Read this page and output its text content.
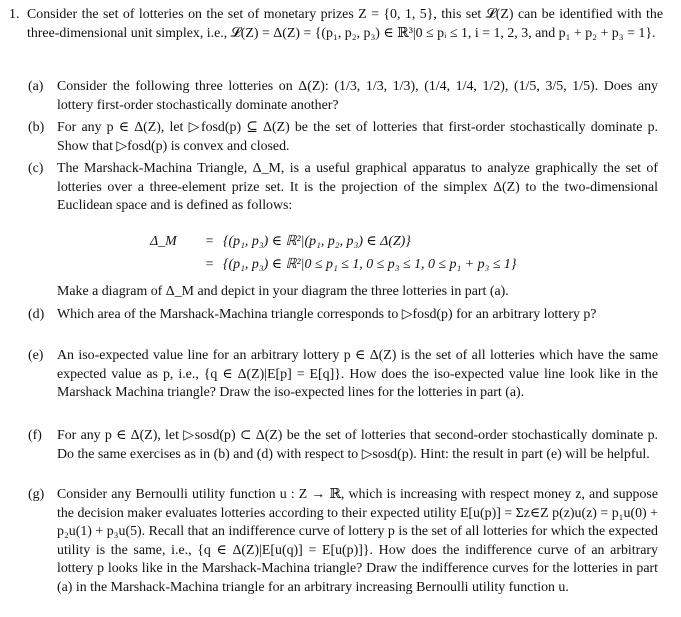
1. Consider the set of lotteries on the set of monetary prizes Z = {0, 1, 5}, this set 𝓛(Z) can be identified with the three-dimensional unit simplex, i.e., 𝓛(Z) = Δ(Z) = {(p₁, p₂, p₃) ∈ ℝ³|0 ≤ pᵢ ≤ 1, i = 1, 2, 3, and p₁ + p₂ + p₃ = 1}.
(a) Consider the following three lotteries on Δ(Z): (1/3, 1/3, 1/3), (1/4, 1/4, 1/2), (1/5, 3/5, 1/5). Does any lottery first-order stochastically dominate another?
(b) For any p ∈ Δ(Z), let ▷fosd(p) ⊆ Δ(Z) be the set of lotteries that first-order stochastically dominate p. Show that ▷fosd(p) is convex and closed.
(c) The Marshack-Machina Triangle, Δ_M, is a useful graphical apparatus to analyze graphically the set of lotteries over a three-element prize set. It is the projection of the simplex Δ(Z) to the two-dimensional Euclidean space and is defined as follows:
Δ_M = {(p₁, p₃) ∈ ℝ²|(p₁, p₂, p₃) ∈ Δ(Z)}
= {(p₁, p₃) ∈ ℝ²|0 ≤ p₁ ≤ 1, 0 ≤ p₃ ≤ 1, 0 ≤ p₁ + p₃ ≤ 1}
Make a diagram of Δ_M and depict in your diagram the three lotteries in part (a).
(d) Which area of the Marshack-Machina triangle corresponds to ▷fosd(p) for an arbitrary lottery p?
(e) An iso-expected value line for an arbitrary lottery p ∈ Δ(Z) is the set of all lotteries which have the same expected value as p, i.e., {q ∈ Δ(Z)|E[p] = E[q]}. How does the iso-expected value line look like in the Marshack Machina triangle? Draw the iso-expected lines for the lotteries in part (a).
(f) For any p ∈ Δ(Z), let ▷sosd(p) ⊂ Δ(Z) be the set of lotteries that second-order stochastically dominate p. Do the same exercises as in (b) and (d) with respect to ▷sosd(p). Hint: the result in part (e) will be helpful.
(g) Consider any Bernoulli utility function u : Z → ℝ, which is increasing with respect money z, and suppose the decision maker evaluates lotteries according to their expected utility E[u(p)] = Σz∈Z p(z)u(z) = p₁u(0) + p₂u(1) + p₃u(5). Recall that an indifference curve of lottery p is the set of all lotteries for which the expected utility is the same, i.e., {q ∈ Δ(Z)|E[u(q)] = E[u(p)]}. How does the indifference curve of an arbitrary lottery p looks like in the Marshack-Machina triangle? Draw the indifference curves for the lotteries in part (a) in the Marshack-Machina triangle for an arbitrary increasing Bernoulli utility function u.
